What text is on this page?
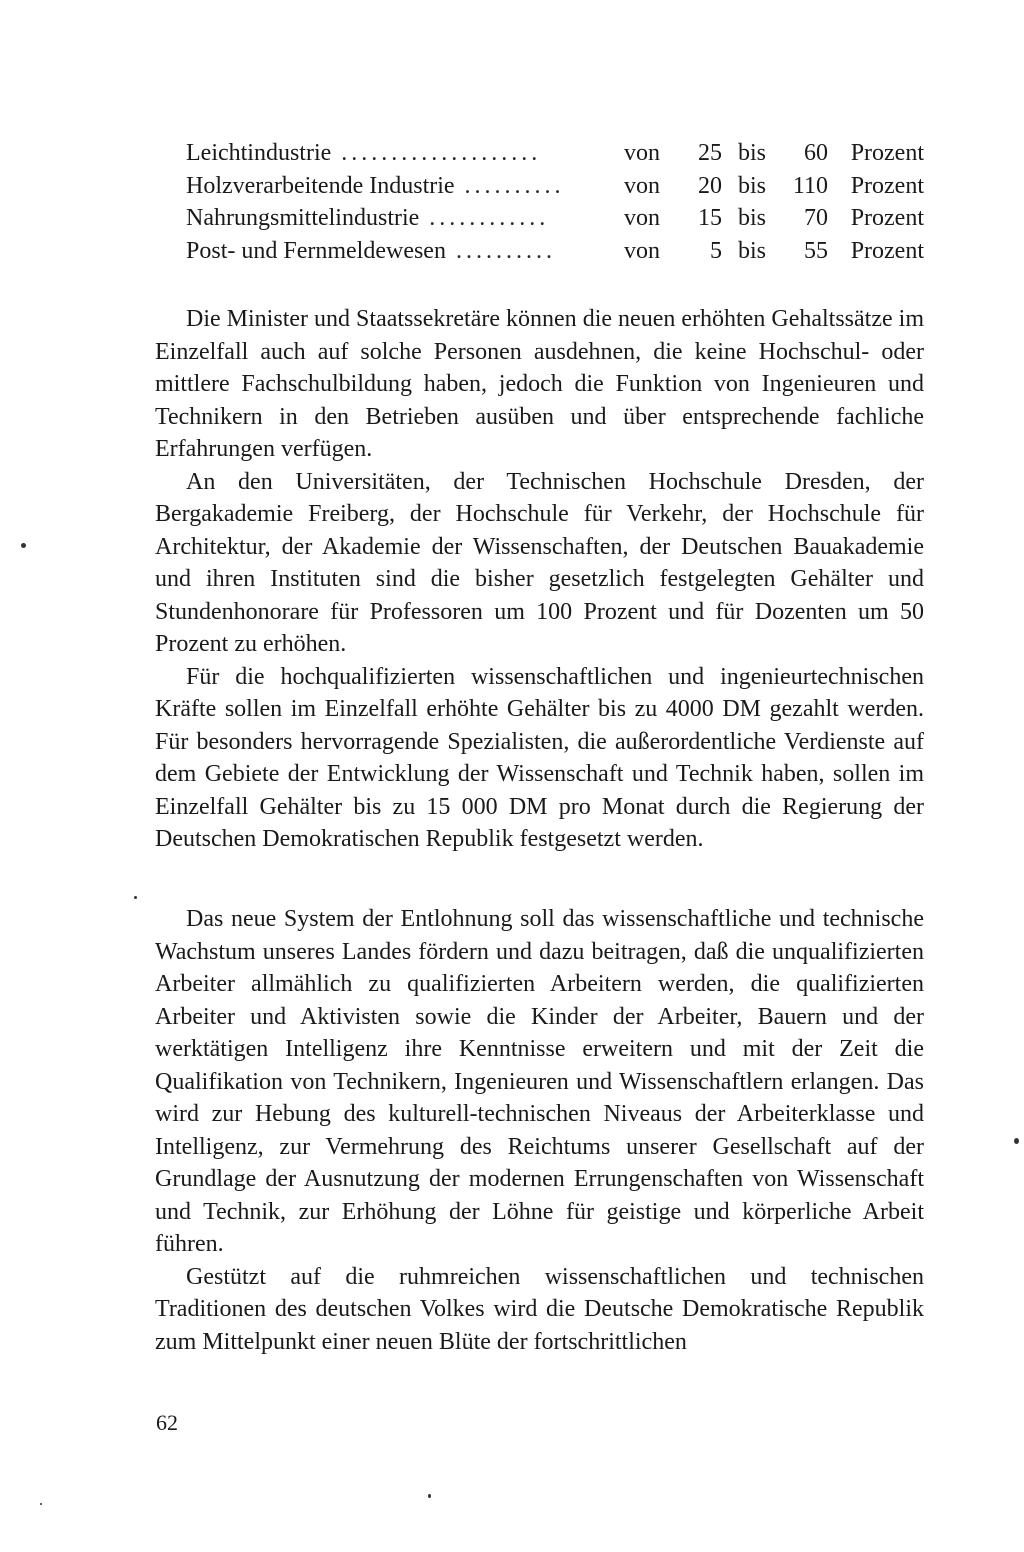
Leichtindustrie ....................	von	25 bis	60 Prozent
Holzverarbeitende Industrie ..........	von	20 bis	110 Prozent
Nahrungsmittelindustrie ............	von	15 bis	70 Prozent
Post- und Fernmeldewesen ..........	von	5 bis	55 Prozent

Die Minister und Staatssekretäre können die neuen erhöhten Gehaltssätze im Einzelfall auch auf solche Personen ausdehnen, die keine Hochschul- oder mittlere Fachschulbildung haben, jedoch die Funktion von Ingenieuren und Technikern in den Betrieben ausüben und über entsprechende fachliche Erfahrungen verfügen.

An den Universitäten, der Technischen Hochschule Dresden, der Bergakademie Freiberg, der Hochschule für Verkehr, der Hochschule für Architektur, der Akademie der Wissenschaften, der Deutschen Bauakademie und ihren Instituten sind die bisher gesetzlich festgelegten Gehälter und Stundenhonorare für Professoren um 100 Prozent und für Dozenten um 50 Prozent zu erhöhen.

Für die hochqualifizierten wissenschaftlichen und ingenieurtechnischen Kräfte sollen im Einzelfall erhöhte Gehälter bis zu 4000 DM gezahlt werden. Für besonders hervorragende Spezialisten, die außerordentliche Verdienste auf dem Gebiete der Entwicklung der Wissenschaft und Technik haben, sollen im Einzelfall Gehälter bis zu 15 000 DM pro Monat durch die Regierung der Deutschen Demokratischen Republik festgesetzt werden.

Das neue System der Entlohnung soll das wissenschaftliche und technische Wachstum unseres Landes fördern und dazu beitragen, daß die unqualifizierten Arbeiter allmählich zu qualifizierten Arbeitern werden, die qualifizierten Arbeiter und Aktivisten sowie die Kinder der Arbeiter, Bauern und der werktätigen Intelligenz ihre Kenntnisse erweitern und mit der Zeit die Qualifikation von Technikern, Ingenieuren und Wissenschaftlern erlangen. Das wird zur Hebung des kulturell-technischen Niveaus der Arbeiterklasse und Intelligenz, zur Vermehrung des Reichtums unserer Gesellschaft auf der Grundlage der Ausnutzung der modernen Errungenschaften von Wissenschaft und Technik, zur Erhöhung der Löhne für geistige und körperliche Arbeit führen.

Gestützt auf die ruhmreichen wissenschaftlichen und technischen Traditionen des deutschen Volkes wird die Deutsche Demokratische Republik zum Mittelpunkt einer neuen Blüte der fortschrittlichen

62
